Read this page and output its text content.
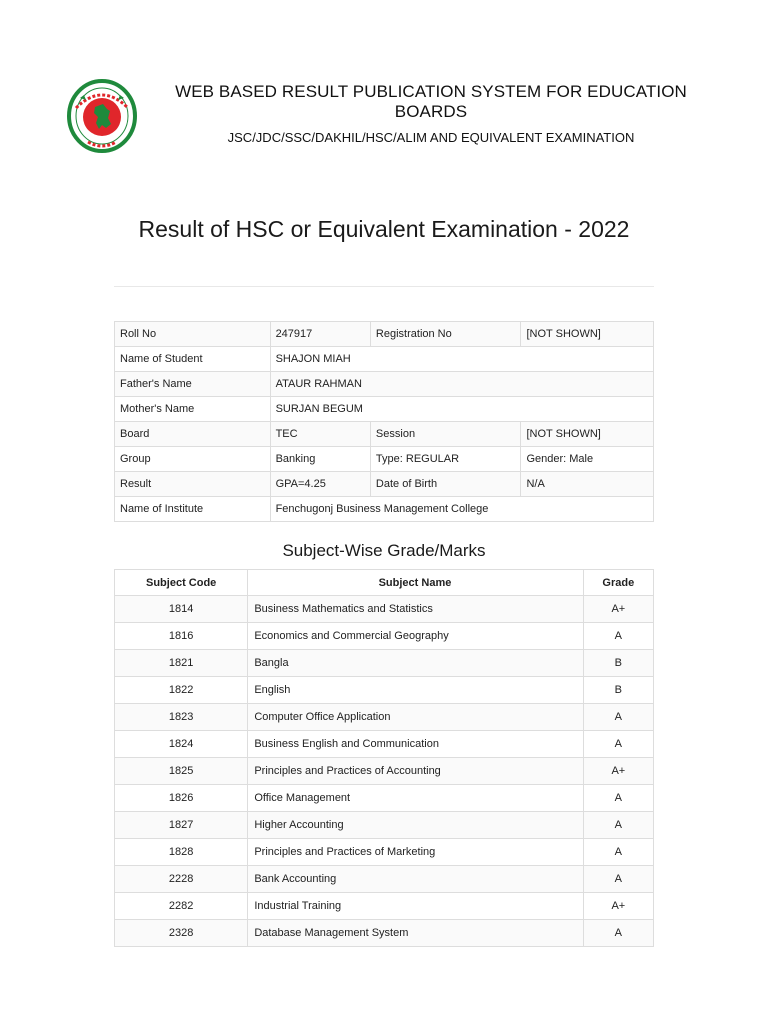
WEB BASED RESULT PUBLICATION SYSTEM FOR EDUCATION BOARDS
JSC/JDC/SSC/DAKHIL/HSC/ALIM AND EQUIVALENT EXAMINATION
Result of HSC or Equivalent Examination - 2022
Roll No	247917	Registration No	[NOT SHOWN]
Name of Student	SHAJON MIAH		
Father's Name	ATAUR RAHMAN		
Mother's Name	SURJAN BEGUM		
Board	TEC	Session	[NOT SHOWN]
Group	Banking	Type: REGULAR	Gender: Male
Result	GPA=4.25	Date of Birth	N/A
Name of Institute	Fenchugonj Business Management College		
Subject-Wise Grade/Marks
Subject Code	Subject Name	Grade
1814	Business Mathematics and Statistics	A+
1816	Economics and Commercial Geography	A
1821	Bangla	B
1822	English	B
1823	Computer Office Application	A
1824	Business English and Communication	A
1825	Principles and Practices of Accounting	A+
1826	Office Management	A
1827	Higher Accounting	A
1828	Principles and Practices of Marketing	A
2228	Bank Accounting	A
2282	Industrial Training	A+
2328	Database Management System	A
